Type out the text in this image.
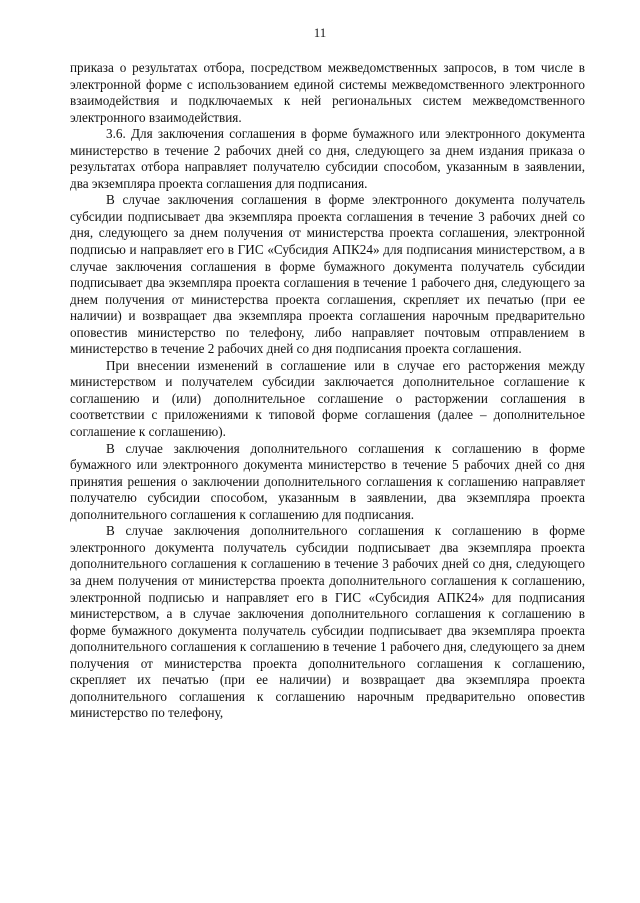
11

приказа о результатах отбора, посредством межведомственных запросов, в том числе в электронной форме с использованием единой системы межведомственного электронного взаимодействия и подключаемых к ней региональных систем межведомственного электронного взаимодействия.

3.6. Для заключения соглашения в форме бумажного или электронного документа министерство в течение 2 рабочих дней со дня, следующего за днем издания приказа о результатах отбора направляет получателю субсидии способом, указанным в заявлении, два экземпляра проекта соглашения для подписания.

В случае заключения соглашения в форме электронного документа получатель субсидии подписывает два экземпляра проекта соглашения в течение 3 рабочих дней со дня, следующего за днем получения от министерства проекта соглашения, электронной подписью и направляет его в ГИС «Субсидия АПК24» для подписания министерством, а в случае заключения соглашения в форме бумажного документа получатель субсидии подписывает два экземпляра проекта соглашения в течение 1 рабочего дня, следующего за днем получения от министерства проекта соглашения, скрепляет их печатью (при ее наличии) и возвращает два экземпляра проекта соглашения нарочным предварительно оповестив министерство по телефону, либо направляет почтовым отправлением в министерство в течение 2 рабочих дней со дня подписания проекта соглашения.

При внесении изменений в соглашение или в случае его расторжения между министерством и получателем субсидии заключается дополнительное соглашение к соглашению и (или) дополнительное соглашение о расторжении соглашения в соответствии с приложениями к типовой форме соглашения (далее – дополнительное соглашение к соглашению).

В случае заключения дополнительного соглашения к соглашению в форме бумажного или электронного документа министерство в течение 5 рабочих дней со дня принятия решения о заключении дополнительного соглашения к соглашению направляет получателю субсидии способом, указанным в заявлении, два экземпляра проекта дополнительного соглашения к соглашению для подписания.

В случае заключения дополнительного соглашения к соглашению в форме электронного документа получатель субсидии подписывает два экземпляра проекта дополнительного соглашения к соглашению в течение 3 рабочих дней со дня, следующего за днем получения от министерства проекта дополнительного соглашения к соглашению, электронной подписью и направляет его в ГИС «Субсидия АПК24» для подписания министерством, а в случае заключения дополнительного соглашения к соглашению в форме бумажного документа получатель субсидии подписывает два экземпляра проекта дополнительного соглашения к соглашению в течение 1 рабочего дня, следующего за днем получения от министерства проекта дополнительного соглашения к соглашению, скрепляет их печатью (при ее наличии) и возвращает два экземпляра проекта дополнительного соглашения к соглашению нарочным предварительно оповестив министерство по телефону,
